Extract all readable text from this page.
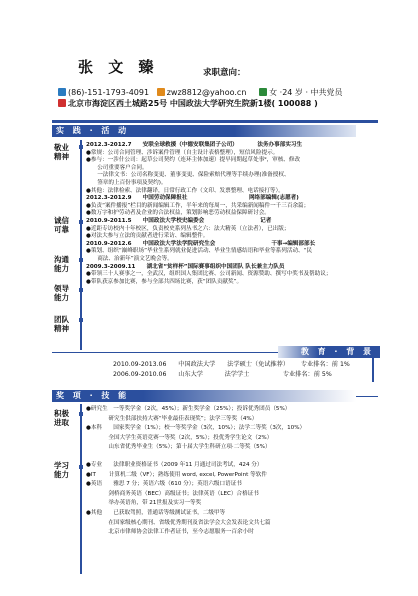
张 文 臻	求职意向：
(86)-151-1793-4091 zwz8812@yahoo.cn	女 ·24 岁 · 中共党员
北京市海淀区西土城路25号 中国政法大学研究生院新1楼( 100088 )
实 践 · 活 动
敬业
精神
诚信
可靠
沟通
能力
领导
能力
团队
精神
2012.3-2012.7　　安联全球救援（中德安联集团子公司）　　　　法务办事部实习生
●常规：公司合同管理、涉诉案件管理（自主设计表格整理），短信风险提示。
●参与：一涉什公司：起草公司契约（连环主体加速）提早同期起草处事⁹，审核、修改
　　公司重要客户合同。
　　一法律文书：公司名称变更、董事变更、保险索赔代理等手续办理(准备授权、
　　签章的上百份事项及契约)。
●其他：法律检索、法律翻译，日常行政工作（文印、发票整理、电话接打等）。
2012.3-2012.9　　中国劳动保障报社　　　　　　　　　　　网络部编辑(志愿者)
●负责“案件播报”栏目的新闻编辑工作，半年来的每周一，共采编新闻稿件一千三百余篇；
●数万字和护劳动者及企业的合法权益，策划影响恶劳动权益保障研讨会。
2010.9-2011.5　　中国政法大学校史编委会　　　　　　　　　　记者
●近距专访校内十年校区，负责校史系列丛书之六：法大精英（立法者），已出版；
●对法大参与立法的贡献者进行采访、编辑整件。
2010.9-2012.6　　中国政法大学法学院研究生会　　　　　　　　　　干事→编辑部部长
●策划、组织“巅峰职场”毕业生系列就业促进活动、毕业生情感结语和毕业等系列活动、“民
　　商法、治新年”演文艺晚会等。
2009.3-2009.11　　湖北省“贫样杯”国际赛事组织中国团队 队长兼主力队员
●带领三十人赛事之一，全武汉，组织国人集团比赛、公司新闻、资源赞助、撰写中奖书及帮助议；
●带队获京参加比赛，参与全部共四场比赛，获“团队贡献奖”。
教 育 · 背 景
2010.09-2013.06 中国政法大学 法学硕士（免试推荐） 专业排名：前 1%
2006.09-2010.06 山东大学	法学学士	专业排名：前 5%
奖 项 · 技 能
积极
进取
学习
能力
●研究生　一等奖学金（2次，45%）；新生奖学金（25%）；投诉优秀团员（5%）
　　　　研究生供部扶持大赛“毕业最佳表现奖”；法学三等奖（4%）
●本科　　国家奖学金（1%）；校一等奖学金（3次，10%）；法学二等奖（3次，10%）
　　　　全国大学生英语竞赛一等奖（2次，5%）；投优秀学生论文（2%）
　　　　山东省优秀毕业生（5%）；第十届大学生科研立项·二等奖（5%）
●专业　　法律职业资格证书（2009 年11 月通过司法考试，424 分）
●IT　　 计算机二级（VF）；熟练使用 word, excel, PowerPoint 等软件
●英语　　雅思 7 分；英语六级（610 分）；英语六级口语证书
　　　　剑桥商务英语（BEC）高级证书；法律英语（LEC）合格证书
　　　　举办英语角，带 21世报及实习一等奖
●其他　　已获取驾照，普通话等级测试证书，二级甲等
　　　　在国家级核心期刊、省级优秀期刊及省法学会大会发表论文共七篇
　　　　北京市律师协会法律工作者证书，至今志愿服务一百余小时
